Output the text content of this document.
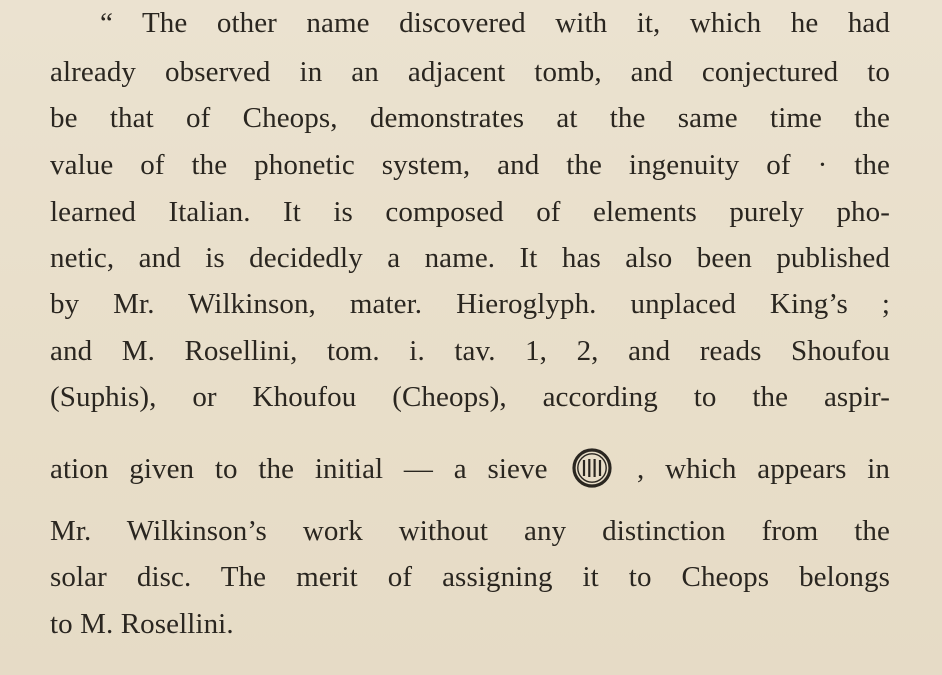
“ The other name discovered with it, which he had
already observed in an adjacent tomb, and conjectured to
be that of Cheops, demonstrates at the same time the
value of the phonetic system, and the ingenuity of · the
learned Italian. It is composed of elements purely pho-
netic, and is decidedly a name. It has also been published
by Mr. Wilkinson, mater. Hieroglyph. unplaced King’s ;
and M. Rosellini, tom. i. tav. 1, 2, and reads Shoufou
(Suphis), or Khoufou (Cheops), according to the aspir-
ation given to the initial — a sieve	, which appears in
Mr. Wilkinson’s work without any distinction from the
solar disc. The merit of assigning it to Cheops belongs
to M. Rosellini.
